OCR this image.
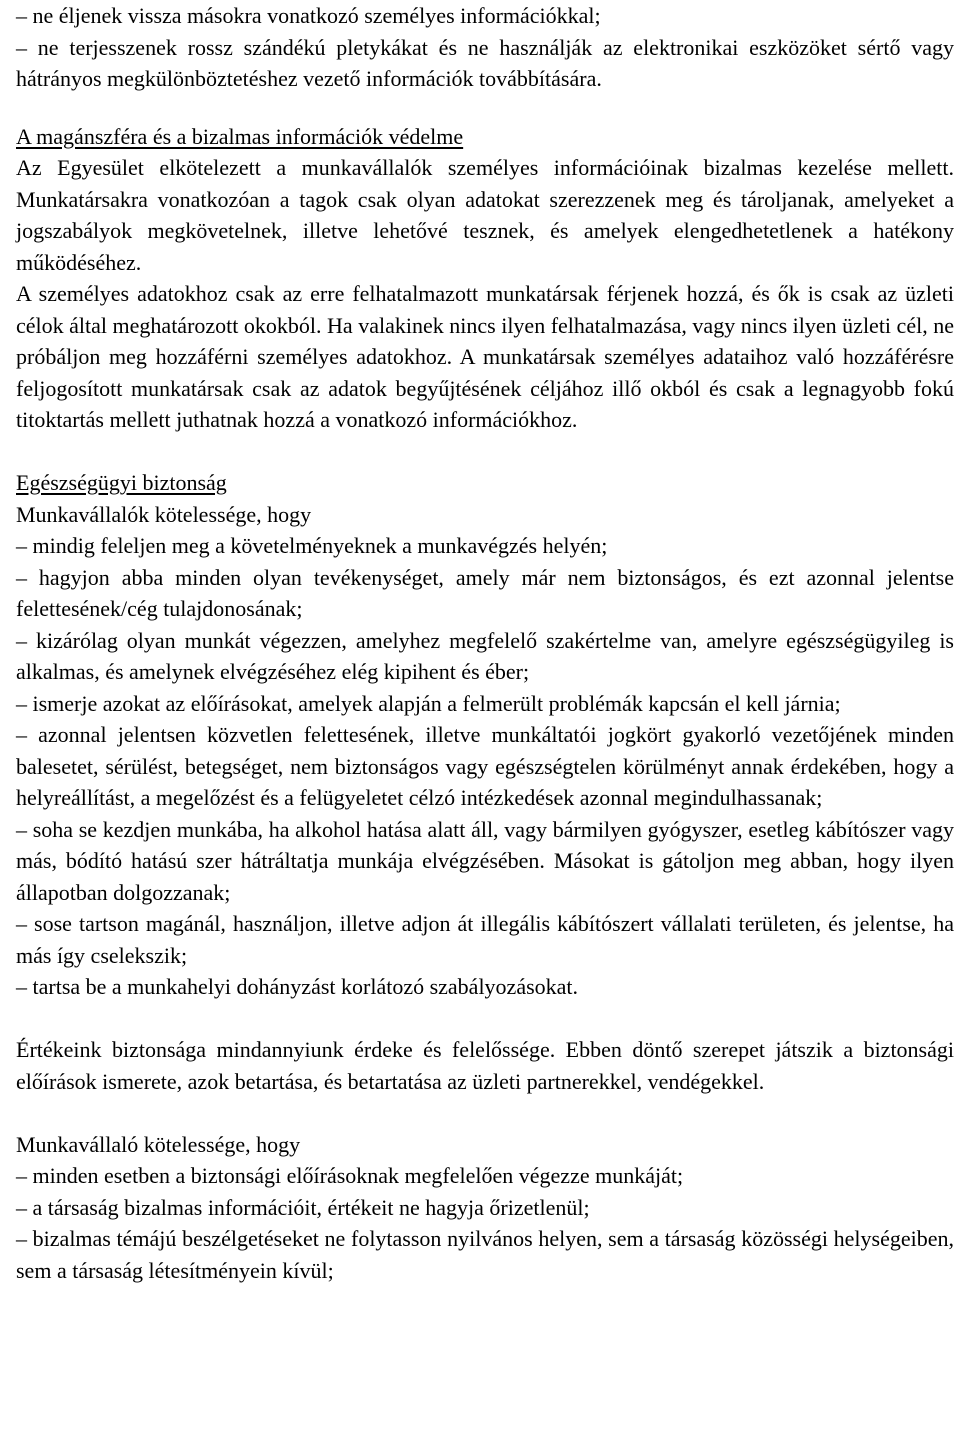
– ne éljenek vissza másokra vonatkozó személyes információkkal;

– ne terjesszenek rossz szándékú pletykákat és ne használják az elektronikai eszközöket sértő vagy hátrányos megkülönböztetéshez vezető információk továbbítására.

A magánszféra és a bizalmas információk védelme

Az Egyesület elkötelezett a munkavállalók személyes információinak bizalmas kezelése mellett. Munkatársakra vonatkozóan a tagok csak olyan adatokat szerezzenek meg és tároljanak, amelyeket a jogszabályok megkövetelnek, illetve lehetővé tesznek, és amelyek elengedhetetlenek a hatékony működéséhez.

A személyes adatokhoz csak az erre felhatalmazott munkatársak férjenek hozzá, és ők is csak az üzleti célok által meghatározott okokból. Ha valakinek nincs ilyen felhatalmazása, vagy nincs ilyen üzleti cél, ne próbáljon meg hozzáférni személyes adatokhoz. A munkatársak személyes adataihoz való hozzáférésre feljogosított munkatársak csak az adatok begyűjtésének céljához illő okból és csak a legnagyobb fokú titoktartás mellett juthatnak hozzá a vonatkozó információkhoz.

Egészségügyi biztonság

Munkavállalók kötelessége, hogy

– mindig feleljen meg a követelményeknek a munkavégzés helyén;

– hagyjon abba minden olyan tevékenységet, amely már nem biztonságos, és ezt azonnal jelentse felettesének/cég tulajdonosának;

– kizárólag olyan munkát végezzen, amelyhez megfelelő szakértelme van, amelyre egészségügyileg is alkalmas, és amelynek elvégzéséhez elég kipihent és éber;

– ismerje azokat az előírásokat, amelyek alapján a felmerült problémák kapcsán el kell járnia;

– azonnal jelentsen közvetlen felettesének, illetve munkáltatói jogkört gyakorló vezetőjének minden balesetet, sérülést, betegséget, nem biztonságos vagy egészségtelen körülményt annak érdekében, hogy a helyreállítást, a megelőzést és a felügyeletet célzó intézkedések azonnal megindulhassanak;

– soha se kezdjen munkába, ha alkohol hatása alatt áll, vagy bármilyen gyógyszer, esetleg kábítószer vagy más, bódító hatású szer hátráltatja munkája elvégzésében. Másokat is gátoljon meg abban, hogy ilyen állapotban dolgozzanak;

– sose tartson magánál, használjon, illetve adjon át illegális kábítószert vállalati területen, és jelentse, ha más így cselekszik;

– tartsa be a munkahelyi dohányzást korlátozó szabályozásokat.

Értékeink biztonsága mindannyiunk érdeke és felelőssége. Ebben döntő szerepet játszik a biztonsági előírások ismerete, azok betartása, és betartatása az üzleti partnerekkel, vendégekkel.

Munkavállaló kötelessége, hogy

– minden esetben a biztonsági előírásoknak megfelelően végezze munkáját;

– a társaság bizalmas információit, értékeit ne hagyja őrizetlenül;

– bizalmas témájú beszélgetéseket ne folytasson nyilvános helyen, sem a társaság közösségi helységeiben, sem a társaság létesítményein kívül;
